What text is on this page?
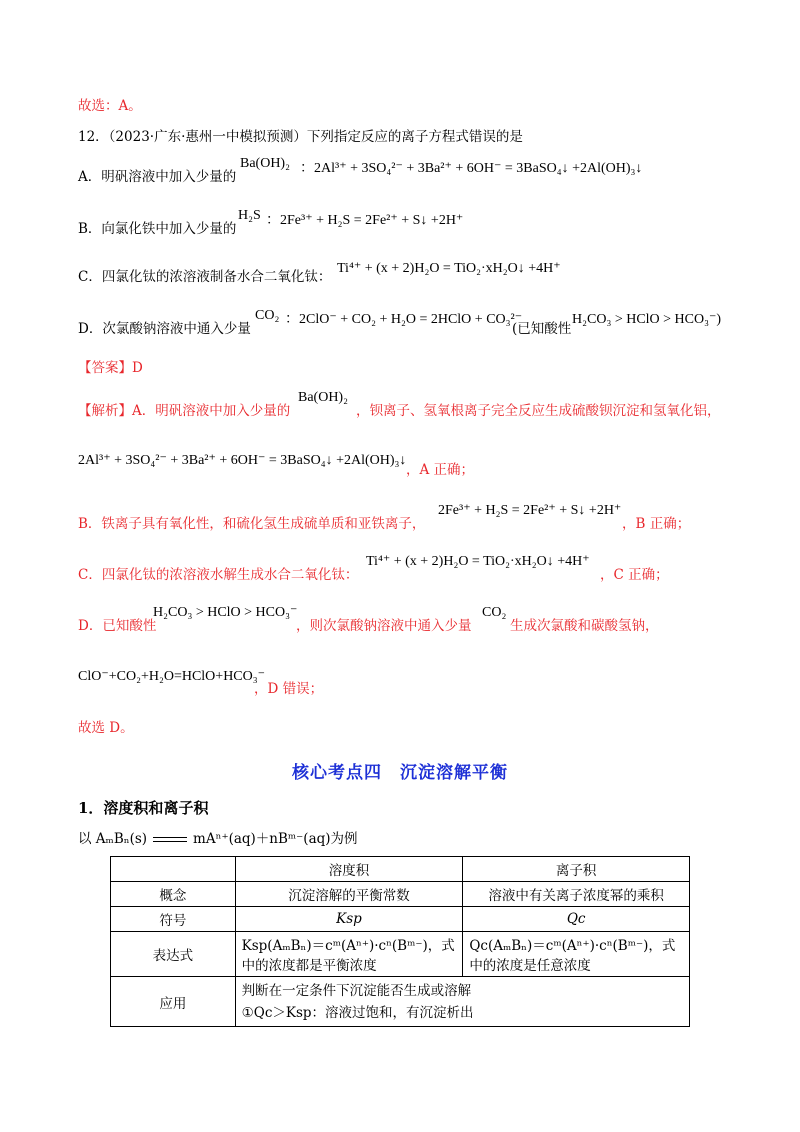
故选：A。
12．（2023·广东·惠州一中模拟预测）下列指定反应的离子方程式错误的是
A．明矾溶液中加入少量的
Ba(OH)₂ ：2Al³⁺ + 3SO₄²⁻ + 3Ba²⁺ + 6OH⁻ = 3BaSO₄↓ +2Al(OH)₃↓
B．向氯化铁中加入少量的
H₂S ：2Fe³⁺ + H₂S = 2Fe²⁺ + S↓ +2H⁺
C．四氯化钛的浓溶液制备水合二氧化钛：
Ti⁴⁺ + (x + 2)H₂O = TiO₂·xH₂O↓ +4H⁺
D．次氯酸钠溶液中通入少量
CO₂ ：2ClO⁻ + CO₂ + H₂O = 2HClO + CO₃²⁻
(已知酸性
H₂CO₃ > HClO > HCO₃⁻)
【答案】D
【解析】A．明矾溶液中加入少量的
Ba(OH)₂
，钡离子、氢氧根离子完全反应生成硫酸钡沉淀和氢氧化铝，
2Al³⁺ + 3SO₄²⁻ + 3Ba²⁺ + 6OH⁻ = 3BaSO₄↓ +2Al(OH)₃↓
，A 正确；
B．铁离子具有氧化性，和硫化氢生成硫单质和亚铁离子，
2Fe³⁺ + H₂S = 2Fe²⁺ + S↓ +2H⁺
，B 正确；
C．四氯化钛的浓溶液水解生成水合二氧化钛：
Ti⁴⁺ + (x + 2)H₂O = TiO₂·xH₂O↓ +4H⁺
，C 正确；
D．已知酸性
H₂CO₃ > HClO > HCO₃⁻
，则次氯酸钠溶液中通入少量
CO₂
生成次氯酸和碳酸氢钠，
ClO⁻+CO₂+H₂O=HClO+HCO₃⁻
，D 错误；
故选 D。
核心考点四　沉淀溶解平衡
1．溶度积和离子积
以 AₘBₙ(s)	mAⁿ⁺(aq)＋nBᵐ⁻(aq)为例
	溶度积	离子积
概念	沉淀溶解的平衡常数	溶液中有关离子浓度幂的乘积
符号	Ksp	Qc
表达式	Ksp(AₘBₙ)＝cᵐ(Aⁿ⁺)·cⁿ(Bᵐ⁻)，式中的浓度都是平衡浓度	Qc(AₘBₙ)＝cᵐ(Aⁿ⁺)·cⁿ(Bᵐ⁻)，式中的浓度是任意浓度
应用	判断在一定条件下沉淀能否生成或溶解
①Qc＞Ksp：溶液过饱和，有沉淀析出	
